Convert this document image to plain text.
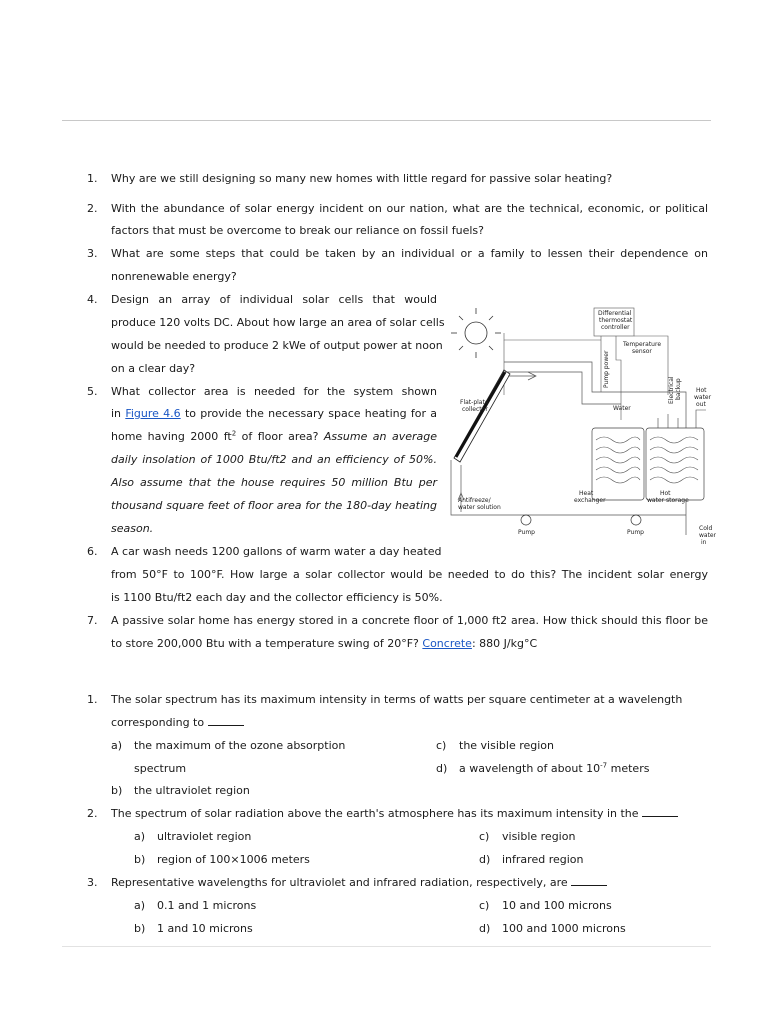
1. Why are we still designing so many new homes with little regard for passive solar heating?
2. With the abundance of solar energy incident on our nation, what are the technical, economic, or political
factors that must be overcome to break our reliance on fossil fuels?
3. What are some steps that could be taken by an individual or a family to lessen their dependence on
nonrenewable energy?
4. Design an array of individual solar cells that would
produce 120 volts DC. About how large an area of solar cells
would be needed to produce 2 kWe of output power at noon
on a clear day?
5. What collector area is needed for the system shown
in Figure 4.6 to provide the necessary space heating for a
home having 2000 $ft^2$ of floor area? Assume an average
daily insolation of 1000 Btu/ft2 and an efficiency of 50%.
Also assume that the house requires 50 million Btu per
thousand square feet of floor area for the 180-day heating
season.
6. A car wash needs 1200 gallons of warm water a day heated
from 50°F to 100°F. How large a solar collector would be needed to do this? The incident solar energy
is 1100 Btu/ft2 each day and the collector efficiency is 50%.
7. A passive solar home has energy stored in a concrete floor of 1,000 ft2 area. How thick should this floor be
to store 200,000 Btu with a temperature swing of 20°F? Concrete: 880 J/kg°C
Differential
thermostat
controller
Temperature
sensor
Pump power
Electrical backup Hot
water
out
Flat-plate
collector	Water
Heat
exchanger
Hot
water storage
Antifreeze/
water solution
Pump	Pump
Cold
water
in
1. The solar spectrum has its maximum intensity in terms of watts per square centimeter at a wavelength
corresponding to
a) the maximum of the ozone absorption
spectrum
b) the ultraviolet region
c) the visible region
d) a wavelength of about $10^{-7}$ meters
2. The spectrum of solar radiation above the earth's atmosphere has its maximum intensity in the
a) ultraviolet region
b) region of 100×1006 meters
c) visible region
d) infrared region
3. Representative wavelengths for ultraviolet and infrared radiation, respectively, are
a) 0.1 and 1 microns
b) 1 and 10 microns
c) 10 and 100 microns
d) 100 and 1000 microns
